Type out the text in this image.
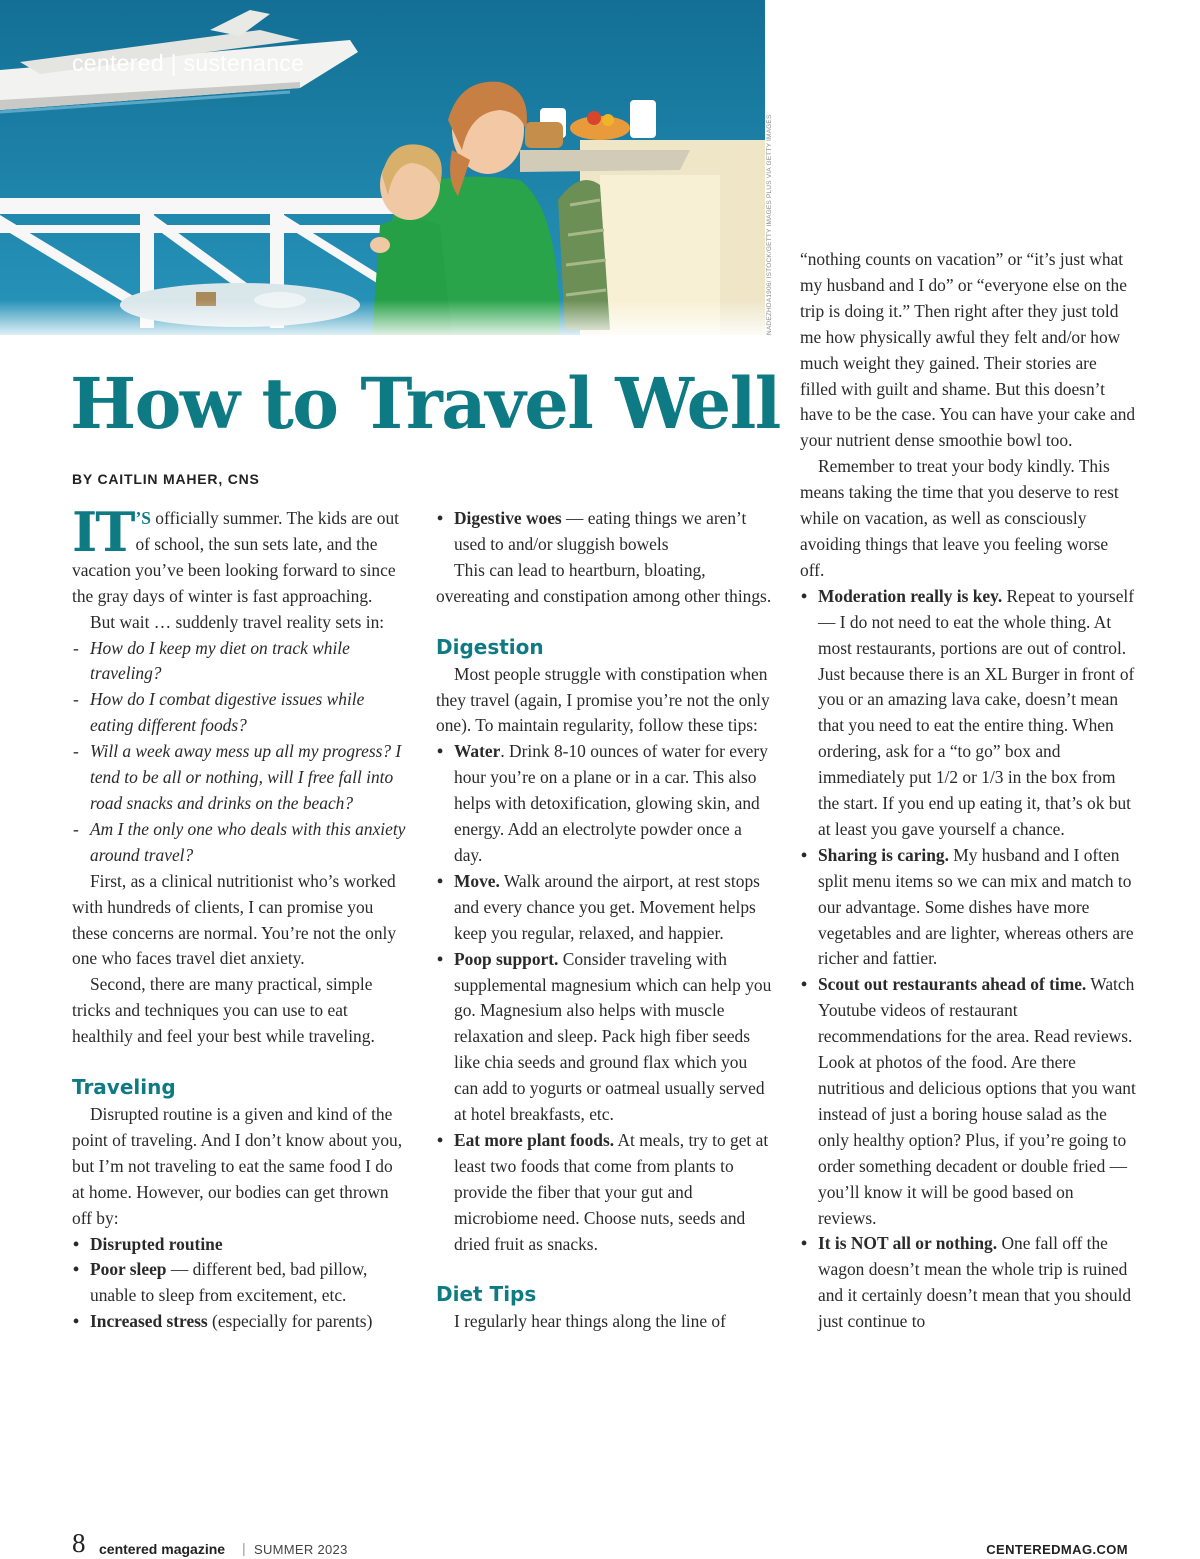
centered | sustenance

NADEZHDA1906/ ISTOCK/GETTY IMAGES PLUS VIA GETTY IMAGES
How to Travel Well

BY CAITLIN MAHER, CNS

IT ’S officially summer. The kids are out of school, the sun sets late, and the vacation you’ve been looking forward to since the gray days of winter is fast approaching.

But wait … suddenly travel reality sets in:

- How do I keep my diet on track while traveling?
- How do I combat digestive issues while eating different foods?
- Will a week away mess up all my progress? I tend to be all or nothing, will I free fall into road snacks and drinks on the beach?
- Am I the only one who deals with this anxiety around travel?

First, as a clinical nutritionist who’s worked with hundreds of clients, I can promise you these concerns are normal. You’re not the only one who faces travel diet anxiety.

Second, there are many practical, simple tricks and techniques you can use to eat healthily and feel your best while traveling.

Traveling

Disrupted routine is a given and kind of the point of traveling. And I don’t know about you, but I’m not traveling to eat the same food I do at home. However, our bodies can get thrown off by:

• Disrupted routine
• Poor sleep — different bed, bad pillow, unable to sleep from excitement, etc.
• Increased stress (especially for parents)
• Digestive woes — eating things we aren’t used to and/or sluggish bowels

This can lead to heartburn, bloating, overeating and constipation among other things.

Digestion

Most people struggle with constipation when they travel (again, I promise you’re not the only one). To maintain regularity, follow these tips:

• Water. Drink 8-10 ounces of water for every hour you’re on a plane or in a car. This also helps with detoxification, glowing skin, and energy. Add an electrolyte powder once a day.
• Move. Walk around the airport, at rest stops and every chance you get. Movement helps keep you regular, relaxed, and happier.
• Poop support. Consider traveling with supplemental magnesium which can help you go. Magnesium also helps with muscle relaxation and sleep. Pack high fiber seeds like chia seeds and ground flax which you can add to yogurts or oatmeal usually served at hotel breakfasts, etc.
• Eat more plant foods. At meals, try to get at least two foods that come from plants to provide the fiber that your gut and microbiome need. Choose nuts, seeds and dried fruit as snacks.
Diet Tips

I regularly hear things along the line of

“nothing counts on vacation” or “it’s just what my husband and I do” or “everyone else on the trip is doing it.” Then right after they just told me how physically awful they felt and/or how much weight they gained. Their stories are filled with guilt and shame. But this doesn’t have to be the case. You can have your cake and your nutrient dense smoothie bowl too.

Remember to treat your body kindly. This means taking the time that you deserve to rest while on vacation, as well as consciously avoiding things that leave you feeling worse off.

• Moderation really is key. Repeat to yourself — I do not need to eat the whole thing. At most restaurants, portions are out of control. Just because there is an XL Burger in front of you or an amazing lava cake, doesn’t mean that you need to eat the entire thing. When ordering, ask for a “to go” box and immediately put 1/2 or 1/3 in the box from the start. If you end up eating it, that’s ok but at least you gave yourself a chance.
• Sharing is caring. My husband and I often split menu items so we can mix and match to our advantage. Some dishes have more vegetables and are lighter, whereas others are richer and fattier.
• Scout out restaurants ahead of time. Watch Youtube videos of restaurant recommendations for the area. Read reviews. Look at photos of the food. Are there nutritious and delicious options that you want instead of just a boring house salad as the only healthy option? Plus, if you’re going to order something decadent or double fried — you’ll know it will be good based on reviews.
• It is NOT all or nothing. One fall off the wagon doesn’t mean the whole trip is ruined and it certainly doesn’t mean that you should just continue to

8 centered magazine | SUMMER 2023	CENTEREDMAG.COM
